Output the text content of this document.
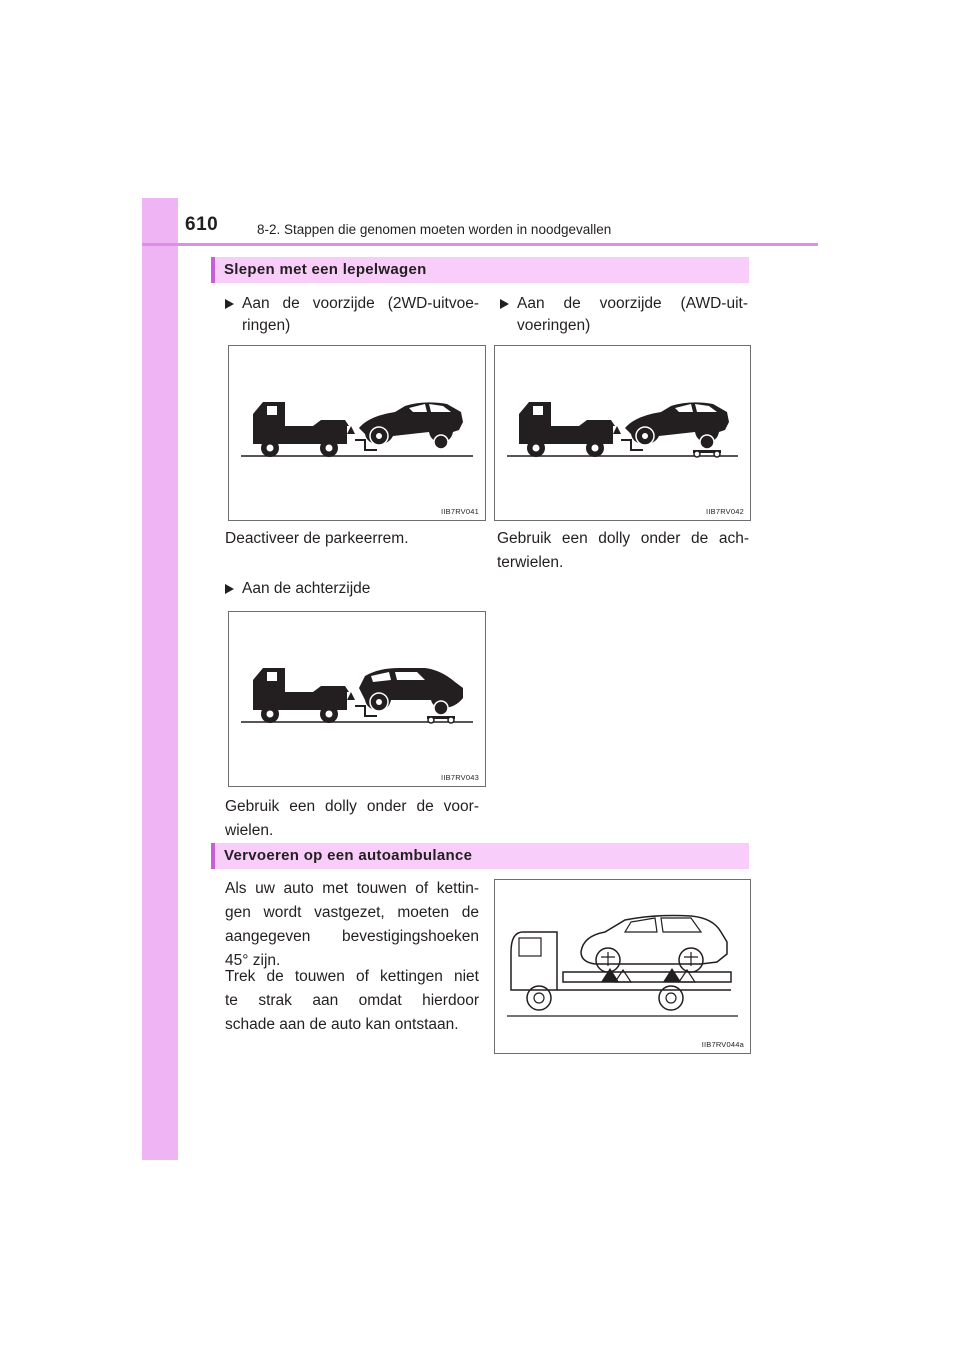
610	8-2. Stappen die genomen moeten worden in noodgevallen
Slepen met een lepelwagen
Aan de voorzijde (2WD-uitvoe-
ringen)
Aan de voorzijde (AWD-uit-
voeringen)
IIB7RV041	IIB7RV042
Deactiveer de parkeerrem.	Gebruik een dolly onder de ach-
terwielen.
Aan de achterzijde
IIB7RV043
Gebruik een dolly onder de voor-
wielen.
Vervoeren op een autoambulance
Als uw auto met touwen of kettin-
gen wordt vastgezet, moeten de
aangegeven bevestigingshoeken
45° zijn.
Trek de touwen of kettingen niet
te strak aan omdat hierdoor
schade aan de auto kan ontstaan.
IIB7RV044a
